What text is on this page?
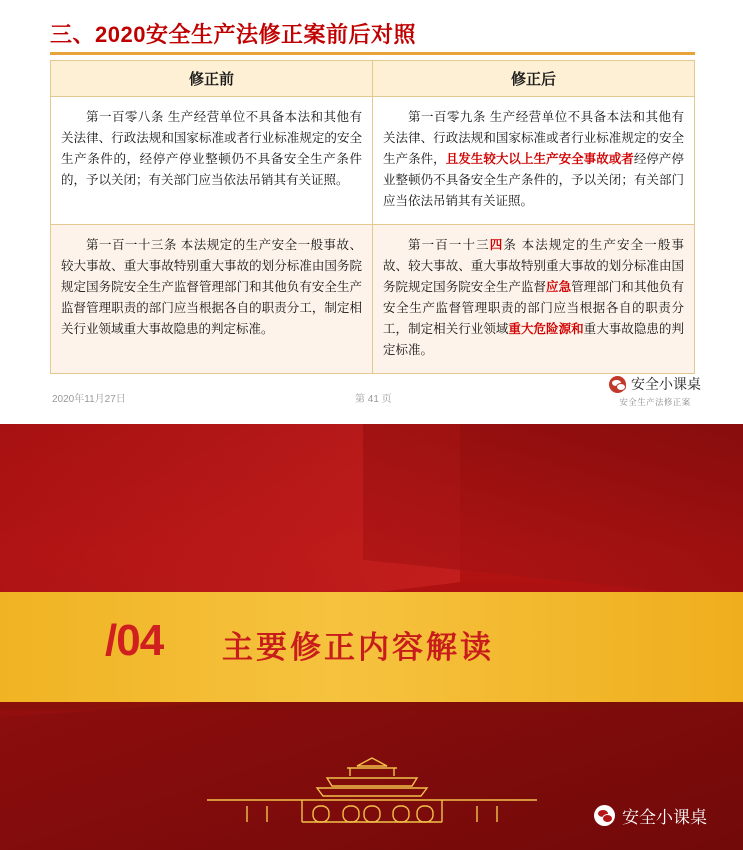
三、2020安全生产法修正案前后对照
修正前	修正后

第一百零八条 生产经营单位不具备本法和其他有关法律、行政法规和国家标准或者行业标准规定的安全生产条件的，经停产停业整顿仍不具备安全生产条件的，予以关闭；有关部门应当依法吊销其有关证照。	第一百零九条 生产经营单位不具备本法和其他有关法律、行政法规和国家标准或者行业标准规定的安全生产条件，且发生较大以上生产安全事故或者经停产停业整顿仍不具备安全生产条件的，予以关闭；有关部门应当依法吊销其有关证照。

第一百一十三条 本法规定的生产安全一般事故、较大事故、重大事故特别重大事故的划分标准由国务院规定国务院安全生产监督管理部门和其他负有安全生产监督管理职责的部门应当根据各自的职责分工，制定相关行业领域重大事故隐患的判定标准。	第一百一十三四条 本法规定的生产安全一般事故、较大事故、重大事故特别重大事故的划分标准由国务院规定国务院安全生产监督应急管理部门和其他负有安全生产监督管理职责的部门应当根据各自的职责分工，制定相关行业领域重大危险源和重大事故隐患的判定标准。

2020年11月27日	第 41 页
安全小课桌
安全生产法修正案
/04 主要修正内容解读
安全小课桌
